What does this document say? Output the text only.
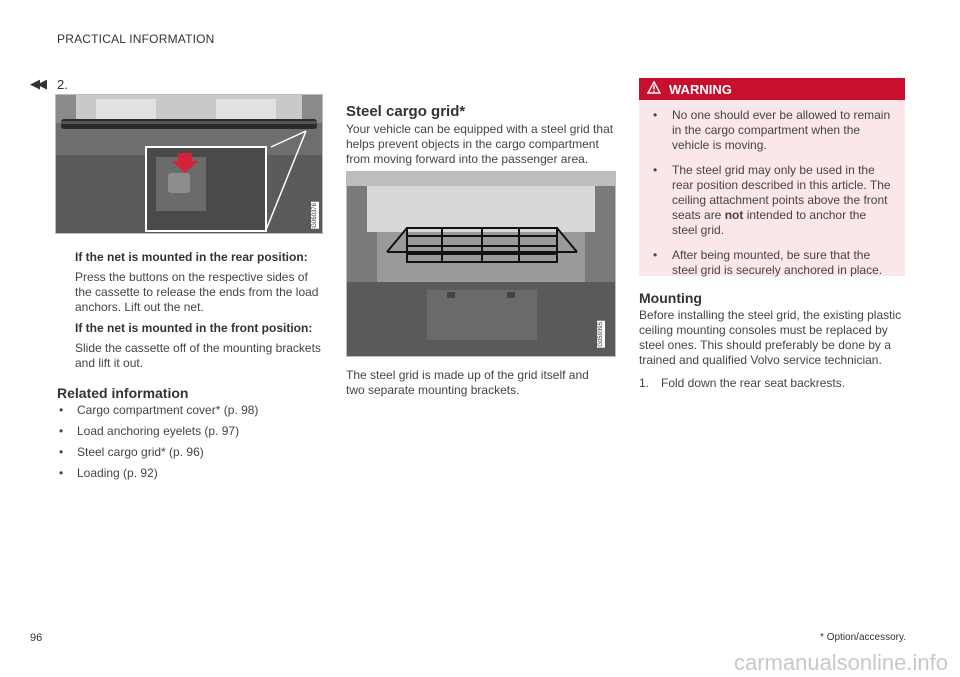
PRACTICAL INFORMATION
◀◀ 2.
G060376
If the net is mounted in the rear position:
Press the buttons on the respective sides of the cassette to release the ends from the load anchors. Lift out the net.
If the net is mounted in the front position:
Slide the cassette off of the mounting brackets and lift it out.
Related information
• Cargo compartment cover* (p. 98)
• Load anchoring eyelets (p. 97)
• Steel cargo grid* (p. 96)
• Loading (p. 92)
Steel cargo grid*
Your vehicle can be equipped with a steel grid that helps prevent objects in the cargo compartment from moving forward into the passenger area.
G059395
The steel grid is made up of the grid itself and two separate mounting brackets.
WARNING
• No one should ever be allowed to remain in the cargo compartment when the vehicle is moving.
• The steel grid may only be used in the rear position described in this article. The ceiling attachment points above the front seats are not intended to anchor the steel grid.
• After being mounted, be sure that the steel grid is securely anchored in place.
Mounting
Before installing the steel grid, the existing plastic ceiling mounting consoles must be replaced by steel ones. This should preferably be done by a trained and qualified Volvo service technician.
1. Fold down the rear seat backrests.
96	* Option/accessory.
carmanualsonline.info
